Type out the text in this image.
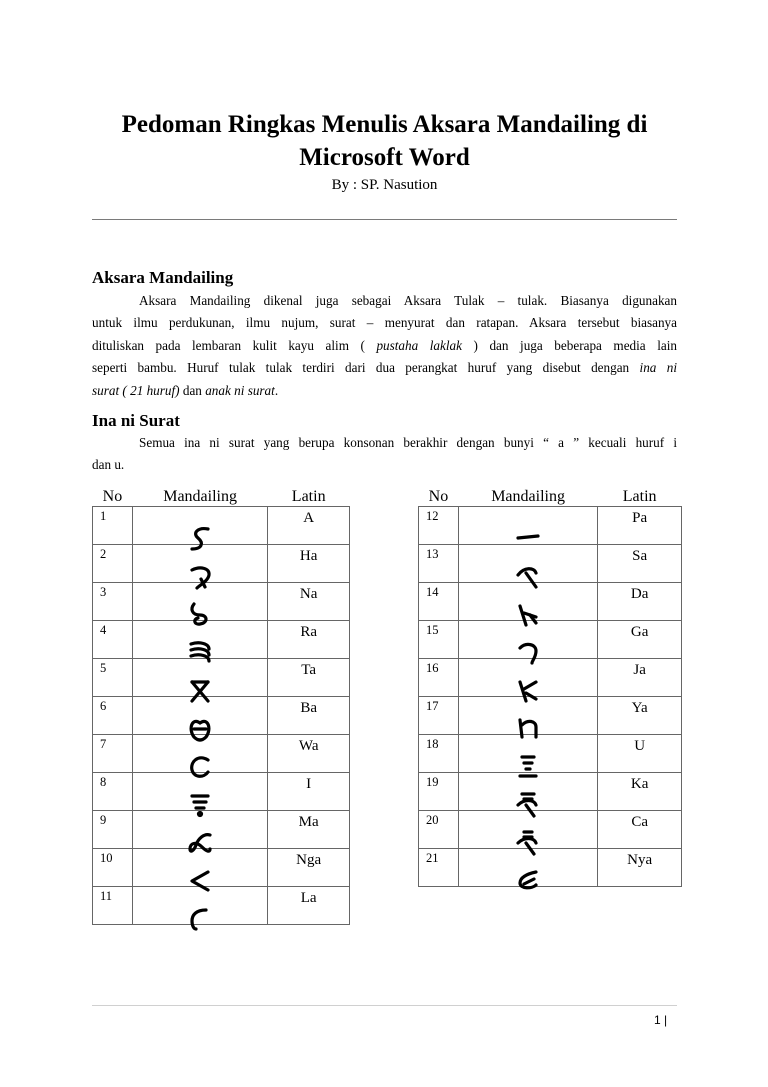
Pedoman Ringkas Menulis Aksara Mandailing di
Microsoft Word
By : SP. Nasution
Aksara Mandailing
Aksara Mandailing dikenal juga sebagai Aksara Tulak – tulak. Biasanya digunakan
untuk ilmu perdukunan, ilmu nujum, surat – menyurat dan ratapan. Aksara tersebut biasanya
dituliskan pada lembaran kulit kayu alim ( pustaha laklak ) dan juga beberapa media lain
seperti bambu. Huruf tulak tulak terdiri dari dua perangkat huruf yang disebut dengan ina ni
surat ( 21 huruf) dan anak ni surat.
Ina ni Surat
Semua ina ni surat yang berupa konsonan berakhir dengan bunyi “ a ” kecuali huruf i
dan u.
No	Mandailing	Latin
1		A
2		Ha
3		Na
4		Ra
5		Ta
6		Ba
7		Wa
8		I
9		Ma
10		Nga
11		La
No	Mandailing	Latin
12		Pa
13		Sa
14		Da
15		Ga
16		Ja
17		Ya
18		U
19		Ka
20		Ca
21		Nya
1 |
